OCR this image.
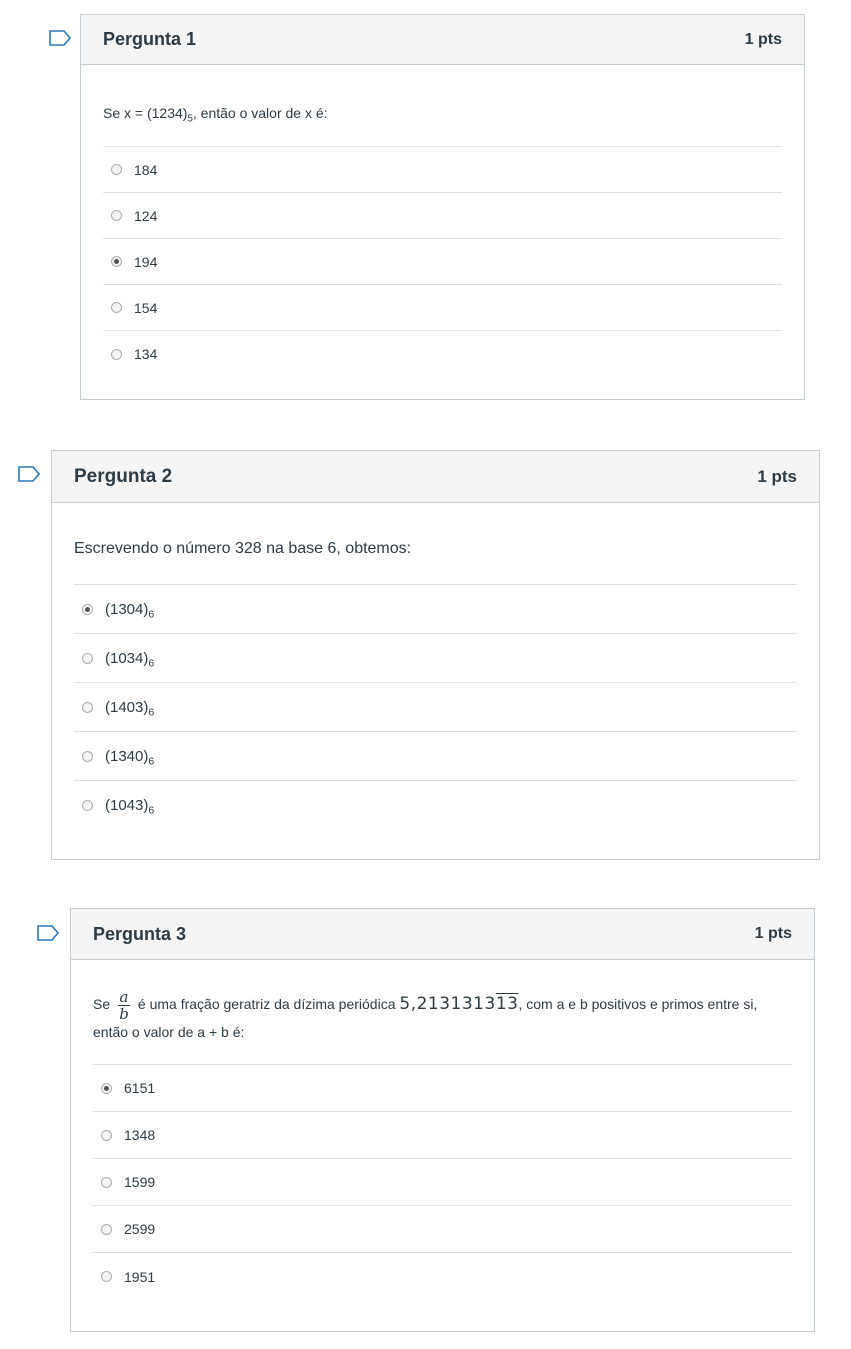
Pergunta 1	1 pts
Se $x = (1234)_5$, então o valor de x é:
184
124
194
154
134
Pergunta 2	1 pts
Escrevendo o número 328 na base 6, obtemos:
$(1304)_6$
$(1034)_6$
$(1403)_6$
$(1340)_6$
$(1043)_6$
Pergunta 3	1 pts
Se $\frac{a}{b}$ é uma fração geratriz da dízima periódica 5,213131313, com a e b positivos e primos entre si, então o valor de a + b é:
6151
1348
1599
2599
1951
